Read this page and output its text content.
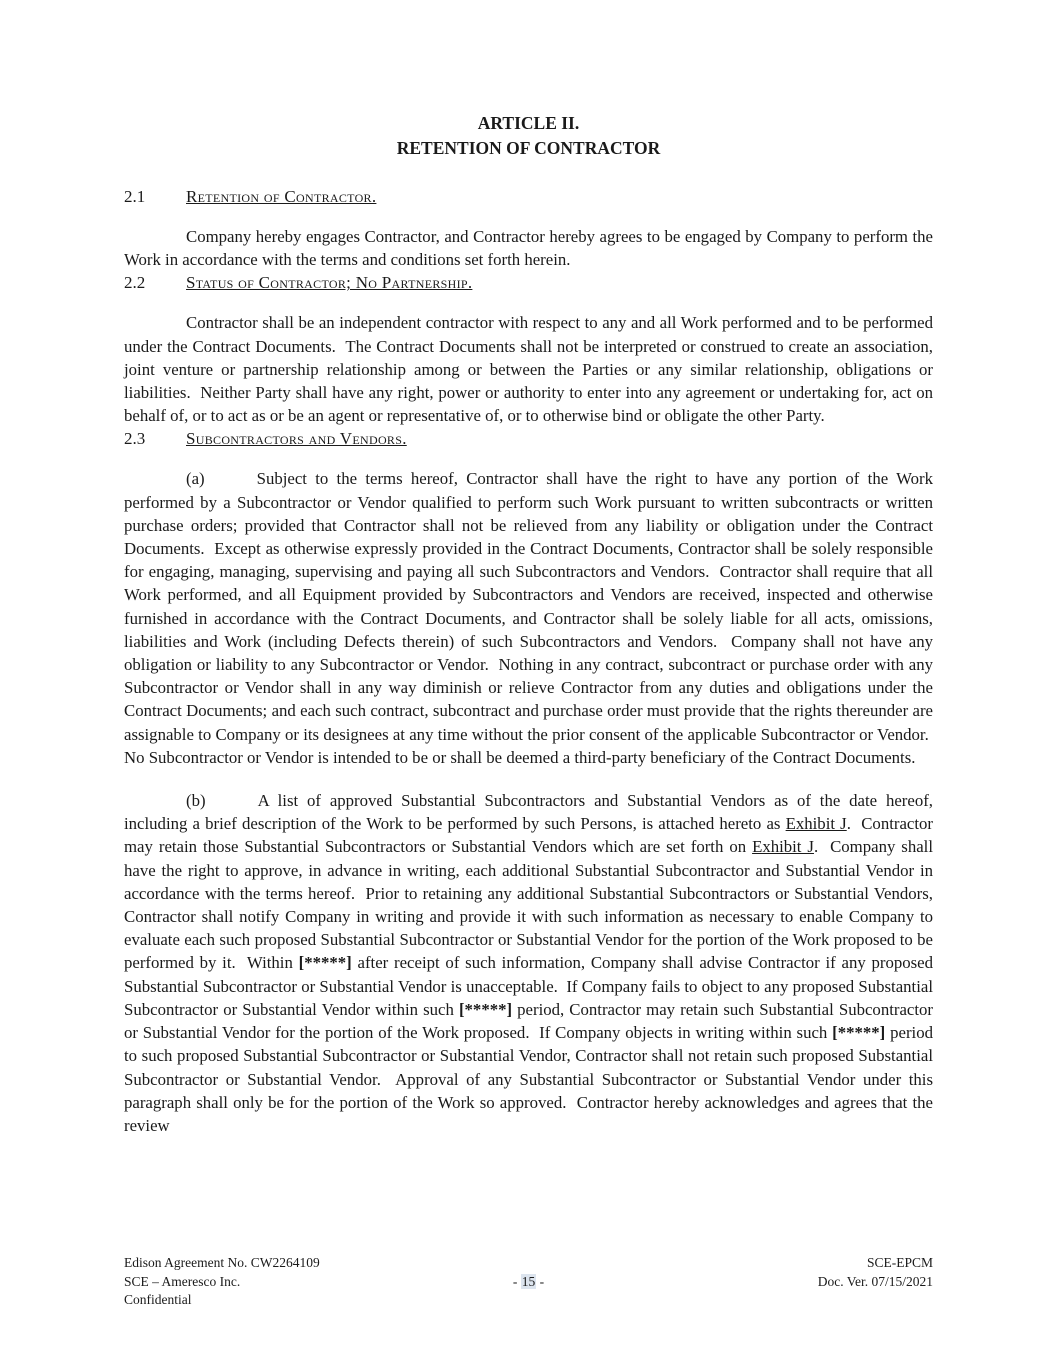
ARTICLE II.
RETENTION OF CONTRACTOR
2.1 Retention of Contractor.

Company hereby engages Contractor, and Contractor hereby agrees to be engaged by Company to perform the Work in accordance with the terms and conditions set forth herein.

2.2 Status of Contractor; No Partnership.

Contractor shall be an independent contractor with respect to any and all Work performed and to be performed under the Contract Documents.  The Contract Documents shall not be interpreted or construed to create an association, joint venture or partnership relationship among or between the Parties or any similar relationship, obligations or liabilities.  Neither Party shall have any right, power or authority to enter into any agreement or undertaking for, act on behalf of, or to act as or be an agent or representative of, or to otherwise bind or obligate the other Party.

2.3 Subcontractors and Vendors.

(a)	Subject to the terms hereof, Contractor shall have the right to have any portion of the Work performed by a Subcontractor or Vendor qualified to perform such Work pursuant to written subcontracts or written purchase orders; provided that Contractor shall not be relieved from any liability or obligation under the Contract Documents.  Except as otherwise expressly provided in the Contract Documents, Contractor shall be solely responsible for engaging, managing, supervising and paying all such Subcontractors and Vendors.  Contractor shall require that all Work performed, and all Equipment provided by Subcontractors and Vendors are received, inspected and otherwise furnished in accordance with the Contract Documents, and Contractor shall be solely liable for all acts, omissions, liabilities and Work (including Defects therein) of such Subcontractors and Vendors.  Company shall not have any obligation or liability to any Subcontractor or Vendor.  Nothing in any contract, subcontract or purchase order with any Subcontractor or Vendor shall in any way diminish or relieve Contractor from any duties and obligations under the Contract Documents; and each such contract, subcontract and purchase order must provide that the rights thereunder are assignable to Company or its designees at any time without the prior consent of the applicable Subcontractor or Vendor.  No Subcontractor or Vendor is intended to be or shall be deemed a third-party beneficiary of the Contract Documents.

(b)	A list of approved Substantial Subcontractors and Substantial Vendors as of the date hereof, including a brief description of the Work to be performed by such Persons, is attached hereto as Exhibit J.  Contractor may retain those Substantial Subcontractors or Substantial Vendors which are set forth on Exhibit J.  Company shall have the right to approve, in advance in writing, each additional Substantial Subcontractor and Substantial Vendor in accordance with the terms hereof.  Prior to retaining any additional Substantial Subcontractors or Substantial Vendors, Contractor shall notify Company in writing and provide it with such information as necessary to enable Company to evaluate each such proposed Substantial Subcontractor or Substantial Vendor for the portion of the Work proposed to be performed by it.  Within [*****] after receipt of such information, Company shall advise Contractor if any proposed Substantial Subcontractor or Substantial Vendor is unacceptable.  If Company fails to object to any proposed Substantial Subcontractor or Substantial Vendor within such [*****] period, Contractor may retain such Substantial Subcontractor or Substantial Vendor for the portion of the Work proposed.  If Company objects in writing within such [*****] period to such proposed Substantial Subcontractor or Substantial Vendor, Contractor shall not retain such proposed Substantial Subcontractor or Substantial Vendor.  Approval of any Substantial Subcontractor or Substantial Vendor under this paragraph shall only be for the portion of the Work so approved.  Contractor hereby acknowledges and agrees that the review

Edison Agreement No. CW2264109
SCE – Ameresco Inc.
Confidential
- 15 -
SCE-EPCM
Doc. Ver. 07/15/2021
